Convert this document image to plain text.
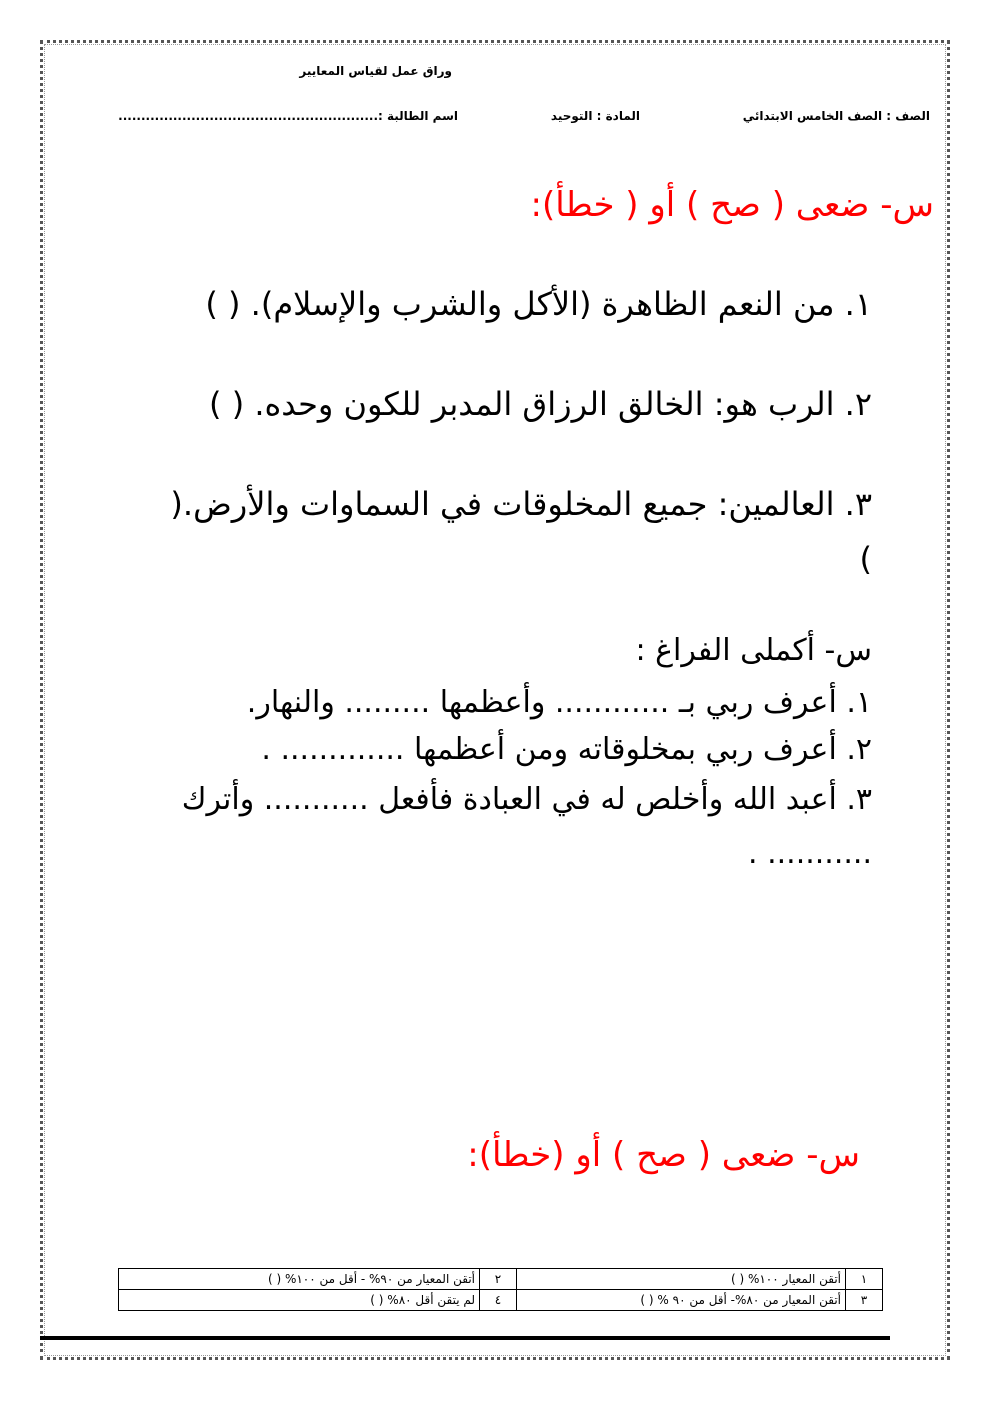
وراق عمل لقياس المعايير
الصف : الصف الخامس الابتدائي
المادة : التوحيد
اسم الطالبة :.........................................................
س- ضعى ( صح ) أو ( خطأ):
١. من النعم الظاهرة (الأكل والشرب والإسلام). ( )
٢. الرب هو: الخالق الرزاق المدبر للكون وحده. ( )
٣. العالمين: جميع المخلوقات في السماوات والأرض.(
)
س- أكملى الفراغ :
١. أعرف ربي بـ ............ وأعظمها ......... والنهار.
٢. أعرف ربي بمخلوقاته ومن أعظمها ............. .
٣. أعبد الله وأخلص له في العبادة فأفعل ........... وأترك
........... .
س- ضعى ( صح ) أو (خطأ):
١	أتقن المعيار ١٠٠% ( )	٢	أتقن المعيار من ٩٠% - أقل من ١٠٠% ( )
٣	أتقن المعيار من ٨٠%- أقل من ٩٠ % ( )	٤	لم يتقن أقل ٨٠% ( )
